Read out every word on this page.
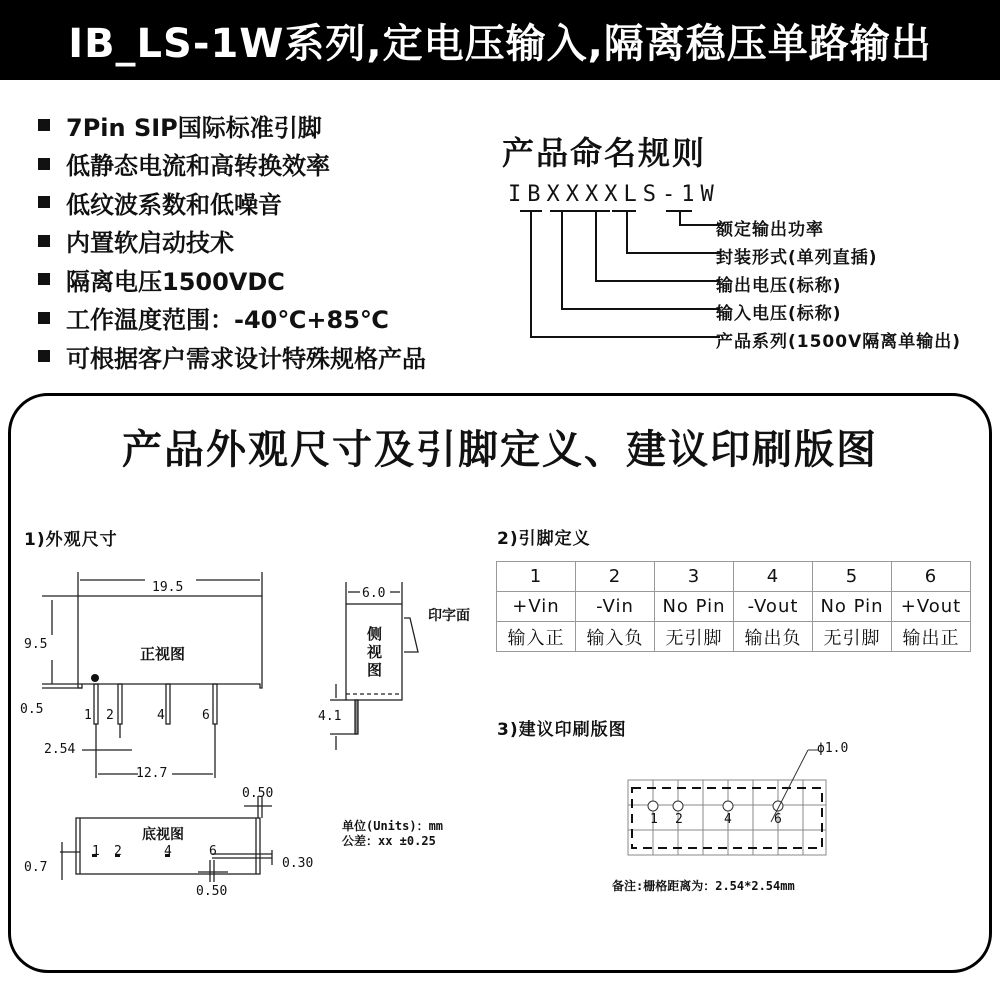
IB_LS-1W系列,定电压输入,隔离稳压单路输出
7Pin SIP国际标准引脚
低静态电流和高转换效率
低纹波系数和低噪音
内置软启动技术
隔离电压1500VDC
工作温度范围：-40℃+85℃
可根据客户需求设计特殊规格产品
产品命名规则
IBXXXXLS-1W
额定输出功率
封装形式(单列直插)
输出电压(标称)
输入电压(标称)
产品系列(1500V隔离单输出)
产品外观尺寸及引脚定义、建议印刷版图
1)外观尺寸
19.5
9.5
0.5
正视图
1 2	4	6
2.54
12.7
0.50
底视图
1 2	4	6
0.7	0.30
0.50
6.0
印字面
侧视图
4.1
单位(Units)：mm
公差：xx ±0.25
2)引脚定义
1	2	3	4	5	6
+Vin	-Vin	No Pin	-Vout	No Pin	+Vout
输入正	输入负	无引脚	输出负	无引脚	输出正
3)建议印刷版图
ϕ1.0
1 2	4	6
备注:栅格距离为：2.54*2.54mm
